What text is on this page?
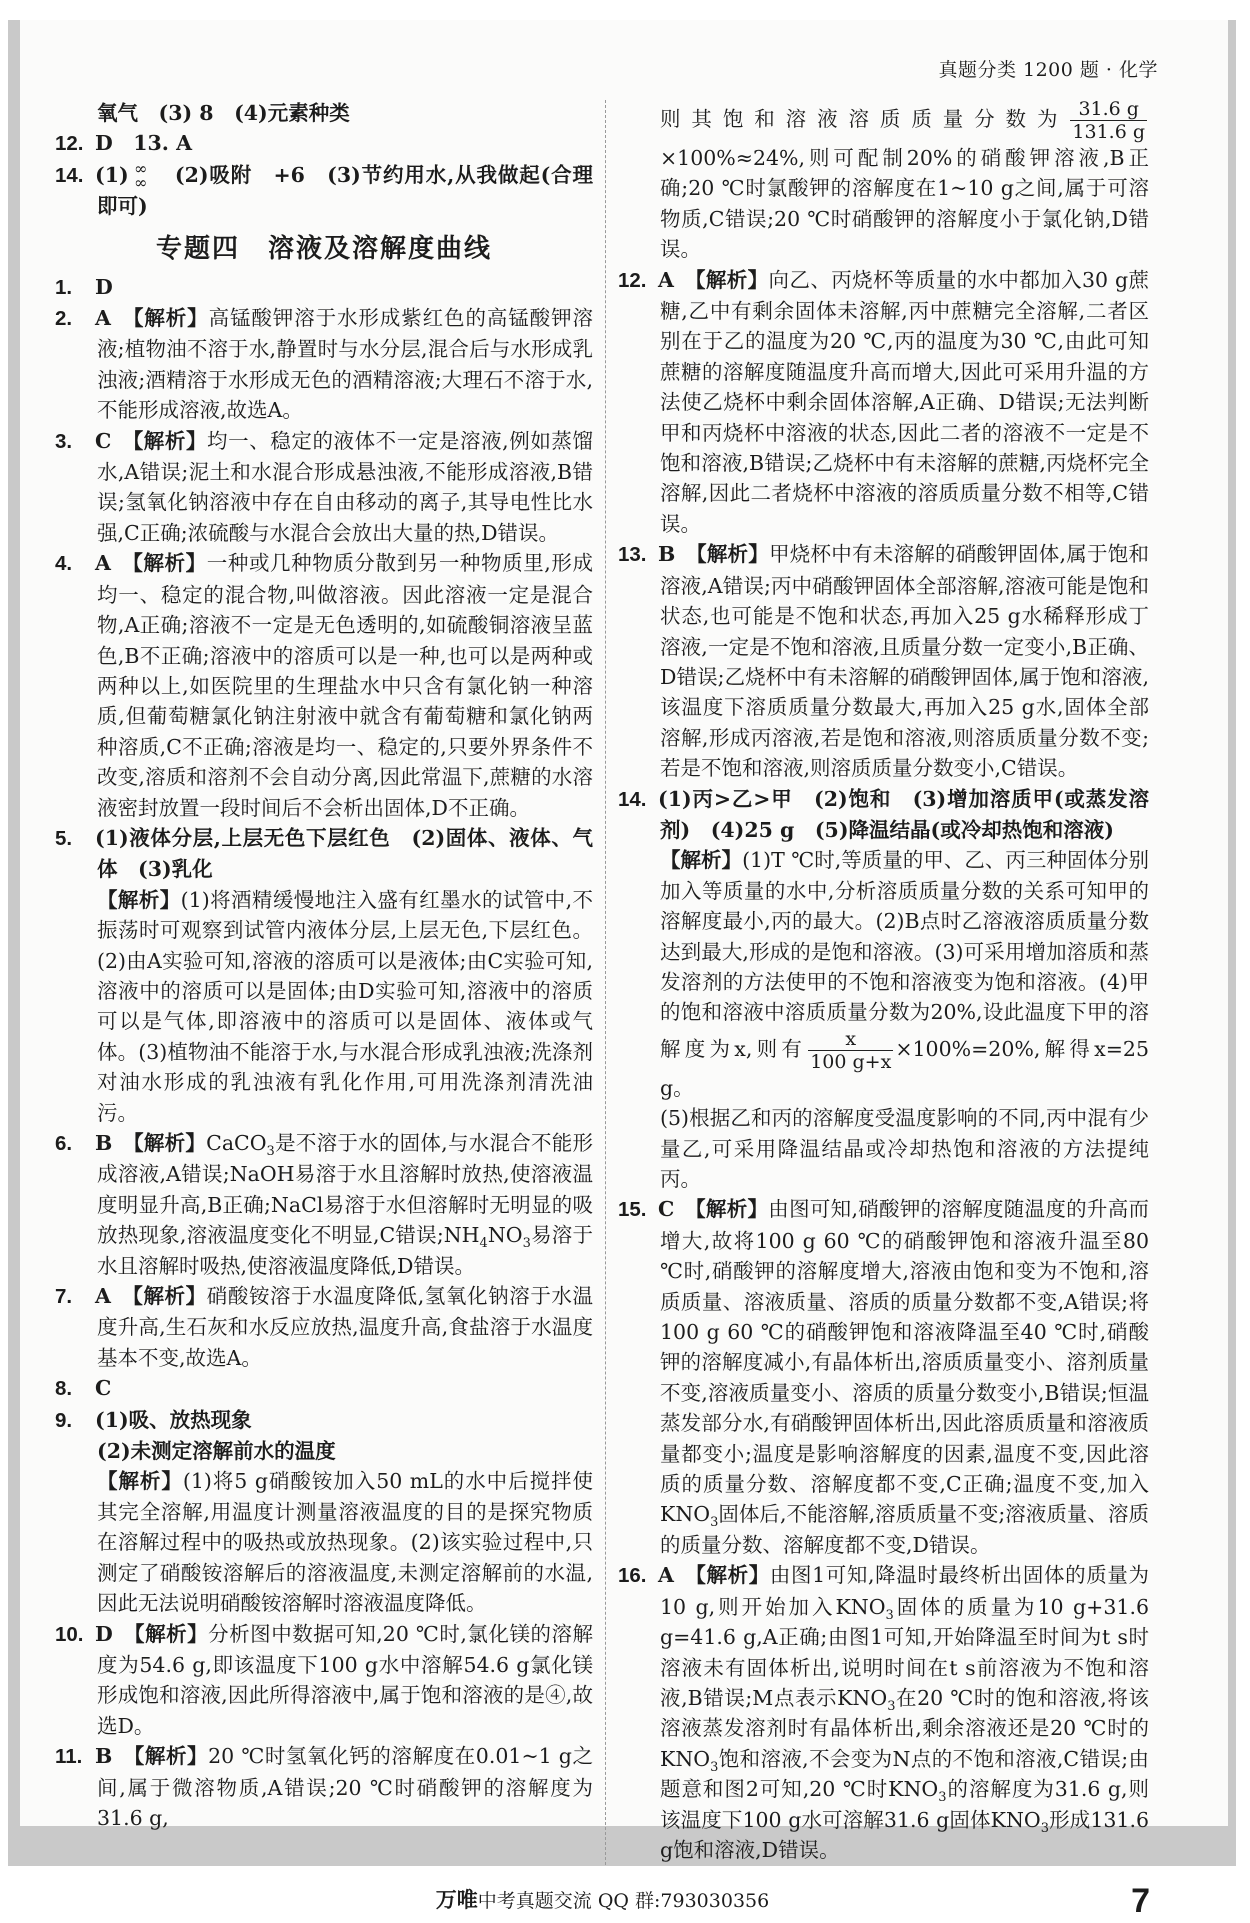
真题分类 1200 题 · 化学
氧气　(3) 8　(4)元素种类
12. D　13. A
14. (1) ∞
∞　(2)吸附　+6　(3)节约用水,从我做起(合理即可)
专题四　溶液及溶解度曲线
1. D
2. A　【解析】高锰酸钾溶于水形成紫红色的高锰酸钾溶液;植物油不溶于水,静置时与水分层,混合后与水形成乳浊液;酒精溶于水形成无色的酒精溶液;大理石不溶于水,不能形成溶液,故选A。
3. C　【解析】均一、稳定的液体不一定是溶液,例如蒸馏水,A错误;泥土和水混合形成悬浊液,不能形成溶液,B错误;氢氧化钠溶液中存在自由移动的离子,其导电性比水强,C正确;浓硫酸与水混合会放出大量的热,D错误。
4. A　【解析】一种或几种物质分散到另一种物质里,形成均一、稳定的混合物,叫做溶液。因此溶液一定是混合物,A正确;溶液不一定是无色透明的,如硫酸铜溶液呈蓝色,B不正确;溶液中的溶质可以是一种,也可以是两种或两种以上,如医院里的生理盐水中只含有氯化钠一种溶质,但葡萄糖氯化钠注射液中就含有葡萄糖和氯化钠两种溶质,C不正确;溶液是均一、稳定的,只要外界条件不改变,溶质和溶剂不会自动分离,因此常温下,蔗糖的水溶液密封放置一段时间后不会析出固体,D不正确。
5. (1)液体分层,上层无色下层红色　(2)固体、液体、气体　(3)乳化
【解析】(1)将酒精缓慢地注入盛有红墨水的试管中,不振荡时可观察到试管内液体分层,上层无色,下层红色。(2)由A实验可知,溶液的溶质可以是液体;由C实验可知,溶液中的溶质可以是固体;由D实验可知,溶液中的溶质可以是气体,即溶液中的溶质可以是固体、液体或气体。(3)植物油不能溶于水,与水混合形成乳浊液;洗涤剂对油水形成的乳浊液有乳化作用,可用洗涤剂清洗油污。
6. B　【解析】CaCO$_3$是不溶于水的固体,与水混合不能形成溶液,A错误;NaOH易溶于水且溶解时放热,使溶液温度明显升高,B正确;NaCl易溶于水但溶解时无明显的吸放热现象,溶液温度变化不明显,C错误$;NH_4NO_3$易溶于水且溶解时吸热,使溶液温度降低,D错误。
7. A　【解析】硝酸铵溶于水温度降低,氢氧化钠溶于水温度升高,生石灰和水反应放热,温度升高,食盐溶于水温度基本不变,故选A。
8. C
9. (1)吸、放热现象
(2)未测定溶解前水的温度
【解析】(1)将5 g硝酸铵加入50 mL的水中后搅拌使其完全溶解,用温度计测量溶液温度的目的是探究物质在溶解过程中的吸热或放热现象。(2)该实验过程中,只测定了硝酸铵溶解后的溶液温度,未测定溶解前的水温,因此无法说明硝酸铵溶解时溶液温度降低。
10. D　【解析】分析图中数据可知,20 ℃时,氯化镁的溶解度为54.6 g,即该温度下100 g水中溶解54.6 g氯化镁形成饱和溶液,因此所得溶液中,属于饱和溶液的是④,故选D。
11. B　【解析】20 ℃时氢氧化钙的溶解度在0.01~1 g之间,属于微溶物质,A错误;20 ℃时硝酸钾的溶解度为31.6 g,
则其饱和溶液溶质质量分数为 $\frac{31.6 g}{131.6 g}$
×100%≈24%,则可配制20%的硝酸钾溶液,B正确;20 ℃时氯酸钾的溶解度在1~10 g之间,属于可溶物质,C错误;20 ℃时硝酸钾的溶解度小于氯化钠,D错误。
12. A　【解析】向乙、丙烧杯等质量的水中都加入30 g蔗糖,乙中有剩余固体未溶解,丙中蔗糖完全溶解,二者区别在于乙的温度为20 ℃,丙的温度为30 ℃,由此可知蔗糖的溶解度随温度升高而增大,因此可采用升温的方法使乙烧杯中剩余固体溶解,A正确、D错误;无法判断甲和丙烧杯中溶液的状态,因此二者的溶液不一定是不饱和溶液,B错误;乙烧杯中有未溶解的蔗糖,丙烧杯完全溶解,因此二者烧杯中溶液的溶质质量分数不相等,C错误。
13. B　【解析】甲烧杯中有未溶解的硝酸钾固体,属于饱和溶液,A错误;丙中硝酸钾固体全部溶解,溶液可能是饱和状态,也可能是不饱和状态,再加入25 g水稀释形成丁溶液,一定是不饱和溶液,且质量分数一定变小,B正确、D错误;乙烧杯中有未溶解的硝酸钾固体,属于饱和溶液,该温度下溶质质量分数最大,再加入25 g水,固体全部溶解,形成丙溶液,若是饱和溶液,则溶质质量分数不变;若是不饱和溶液,则溶质质量分数变小,C错误。
14. (1)丙>乙>甲　(2)饱和　(3)增加溶质甲(或蒸发溶剂)　(4)25 g　(5)降温结晶(或冷却热饱和溶液)
【解析】(1)T ℃时,等质量的甲、乙、丙三种固体分别加入等质量的水中,分析溶质质量分数的关系可知甲的溶解度最小,丙的最大。(2)B点时乙溶液溶质质量分数达到最大,形成的是饱和溶液。(3)可采用增加溶质和蒸发溶剂的方法使甲的不饱和溶液变为饱和溶液。(4)甲的饱和溶液中溶质质量分数为20%,设此温度下甲的溶解度为x,则有 $\frac{x}{100 g+x} \times 100\%=20\%$,解得x=25 g。
(5)根据乙和丙的溶解度受温度影响的不同,丙中混有少量乙,可采用降温结晶或冷却热饱和溶液的方法提纯丙。
15. C　【解析】由图可知,硝酸钾的溶解度随温度的升高而增大,故将100 g 60 ℃的硝酸钾饱和溶液升温至80 ℃时,硝酸钾的溶解度增大,溶液由饱和变为不饱和,溶质质量、溶液质量、溶质的质量分数都不变,A错误;将100 g 60 ℃的硝酸钾饱和溶液降温至40 ℃时,硝酸钾的溶解度减小,有晶体析出,溶质质量变小、溶剂质量不变,溶液质量变小、溶质的质量分数变小,B错误;恒温蒸发部分水,有硝酸钾固体析出,因此溶质质量和溶液质量都变小;温度是影响溶解度的因素,温度不变,因此溶质的质量分数、溶解度都不变,C正确;温度不变,加入$KNO_3$固体后,不能溶解,溶质质量不变;溶液质量、溶质的质量分数、溶解度都不变,D错误。
16. A　【解析】由图1可知,降温时最终析出固体的质量为10 g,则开始加入$KNO_3$固体的质量为10 g+31.6 g=41.6 g,A正确;由图1可知,开始降温至时间为t s时溶液未有固体析出,说明时间在t s前溶液为不饱和溶液,B错误;M点表示$KNO_3$在20 ℃时的饱和溶液,将该溶液蒸发溶剂时有晶体析出,剩余溶液还是20 ℃时的$KNO_3$饱和溶液,不会变为N点的不饱和溶液,C错误;由题意和图2可知,20 ℃时$KNO_3$的溶解度为31.6 g,则该温度下100 g水可溶解31.6 g固体$KNO_3$形成131.6 g饱和溶液,D错误。
万唯 中考真题交流 QQ 群:793030356	7
